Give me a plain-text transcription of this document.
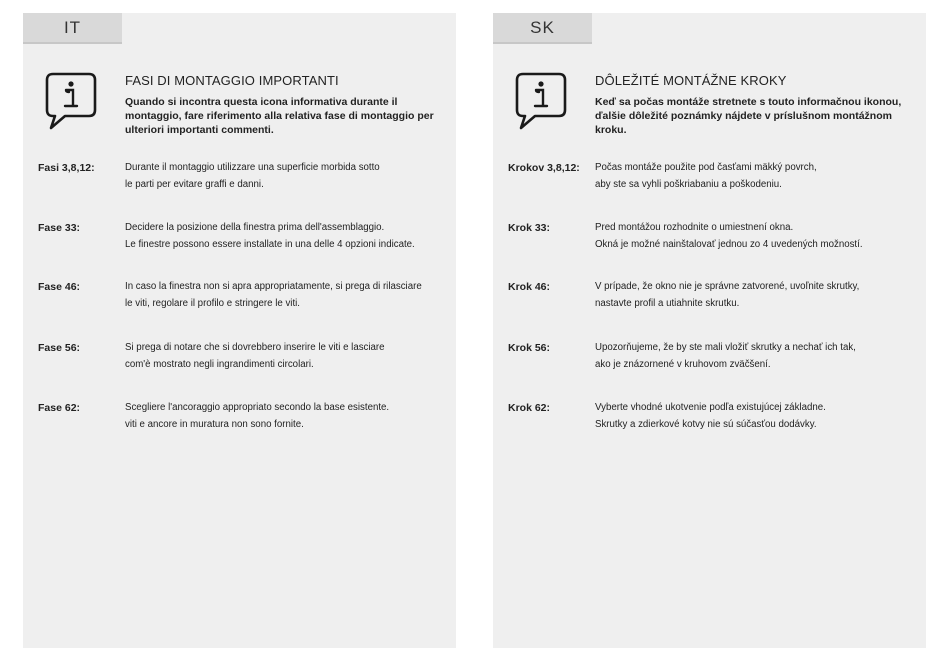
IT
FASI DI MONTAGGIO IMPORTANTI
Quando si incontra questa icona informativa durante il montaggio, fare riferimento alla relativa fase di montaggio per ulteriori importanti commenti.
Fasi 3,8,12:	Durante il montaggio utilizzare una superficie morbida sotto

le parti per evitare graffi e danni.

Fase 33:	Decidere la posizione della finestra prima dell'assemblaggio.

Le finestre possono essere installate in una delle 4 opzioni indicate.

Fase 46:	In caso la finestra non si apra appropriatamente, si prega di rilasciare

le viti, regolare il profilo e stringere le viti.

Fase 56:	Si prega di notare che si dovrebbero inserire le viti e lasciare

com'è mostrato negli ingrandimenti circolari.

Fase 62:	Scegliere l'ancoraggio appropriato secondo la base esistente.

viti e ancore in muratura non sono fornite.

SK
DÔLEŽITÉ MONTÁŽNE KROKY
Keď sa počas montáže stretnete s touto informačnou ikonou, ďalšie dôležité poznámky nájdete v príslušnom montážnom kroku.
Krokov 3,8,12:	Počas montáže použite pod časťami mäkký povrch,

aby ste sa vyhli poškriabaniu a poškodeniu.

Krok 33:	Pred montážou rozhodnite o umiestnení okna.

Okná je možné nainštalovať jednou zo 4 uvedených možností.

Krok 46:	V prípade, že okno nie je správne zatvorené, uvoľnite skrutky,

nastavte profil a utiahnite skrutku.

Krok 56:	Upozorňujeme, že by ste mali vložiť skrutky a nechať ich tak,

ako je znázornené v kruhovom zväčšení.

Krok 62:	Vyberte vhodné ukotvenie podľa existujúcej základne.

Skrutky a zdierkové kotvy nie sú súčasťou dodávky.
